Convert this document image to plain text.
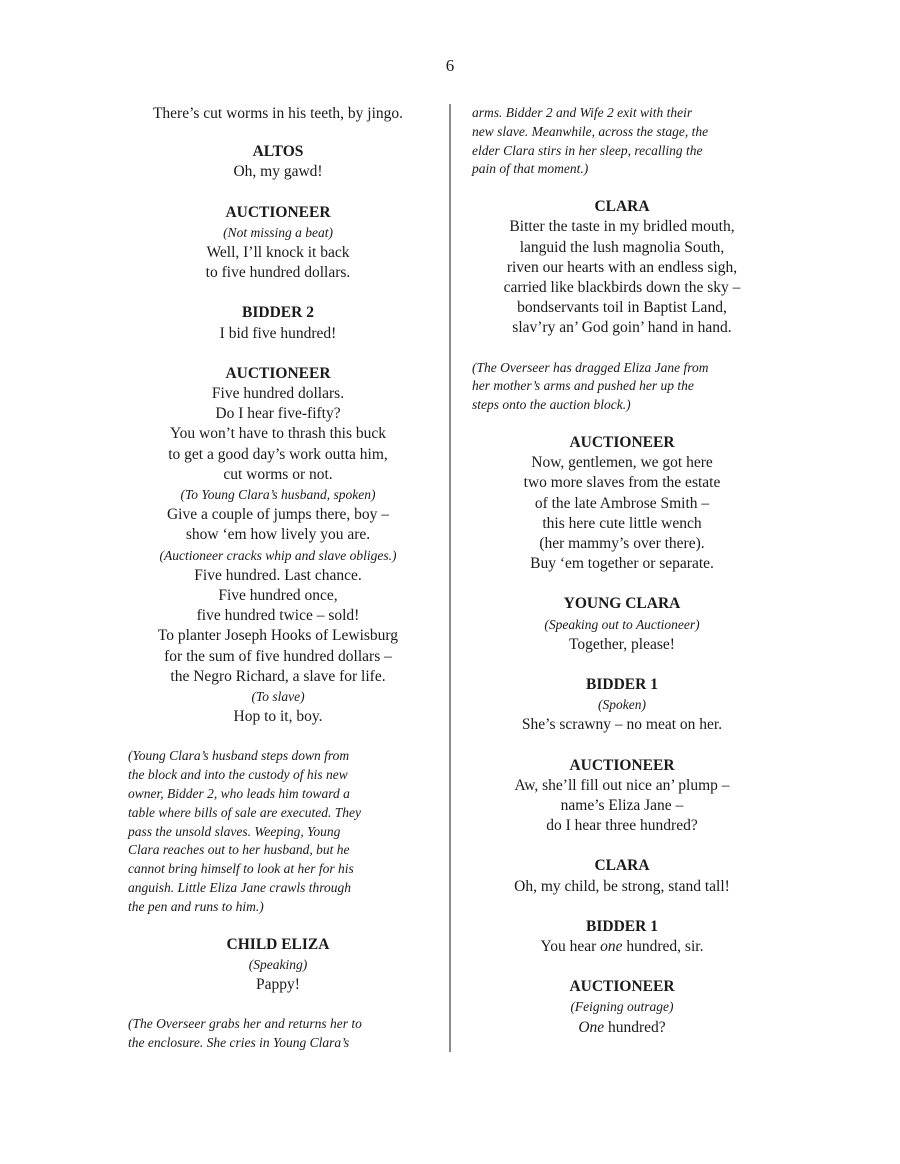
6
There’s cut worms in his teeth, by jingo.
ALTOS
Oh, my gawd!
AUCTIONEER
(Not missing a beat)
Well, I’ll knock it back
to five hundred dollars.
BIDDER 2
I bid five hundred!
AUCTIONEER
Five hundred dollars.
Do I hear five-fifty?
You won’t have to thrash this buck
to get a good day’s work outta him,
cut worms or not.
(To Young Clara’s husband, spoken)
Give a couple of jumps there, boy –
show ‘em how lively you are.
(Auctioneer cracks whip and slave obliges.)
Five hundred. Last chance.
Five hundred once,
five hundred twice – sold!
To planter Joseph Hooks of Lewisburg
for the sum of five hundred dollars –
the Negro Richard, a slave for life.
(To slave)
Hop to it, boy.
(Young Clara’s husband steps down from
the block and into the custody of his new
owner, Bidder 2, who leads him toward a
table where bills of sale are executed. They
pass the unsold slaves. Weeping, Young
Clara reaches out to her husband, but he
cannot bring himself to look at her for his
anguish. Little Eliza Jane crawls through
the pen and runs to him.)
CHILD ELIZA
(Speaking)
Pappy!
(The Overseer grabs her and returns her to
the enclosure. She cries in Young Clara’s
arms. Bidder 2 and Wife 2 exit with their
new slave. Meanwhile, across the stage, the
elder Clara stirs in her sleep, recalling the
pain of that moment.)
CLARA
Bitter the taste in my bridled mouth,
languid the lush magnolia South,
riven our hearts with an endless sigh,
carried like blackbirds down the sky –
bondservants toil in Baptist Land,
slav’ry an’ God goin’ hand in hand.
(The Overseer has dragged Eliza Jane from
her mother’s arms and pushed her up the
steps onto the auction block.)
AUCTIONEER
Now, gentlemen, we got here
two more slaves from the estate
of the late Ambrose Smith –
this here cute little wench
(her mammy’s over there).
Buy ‘em together or separate.
YOUNG CLARA
(Speaking out to Auctioneer)
Together, please!
BIDDER 1
(Spoken)
She’s scrawny – no meat on her.
AUCTIONEER
Aw, she’ll fill out nice an’ plump –
name’s Eliza Jane –
do I hear three hundred?
CLARA
Oh, my child, be strong, stand tall!
BIDDER 1
You hear one hundred, sir.
AUCTIONEER
(Feigning outrage)
One hundred?
